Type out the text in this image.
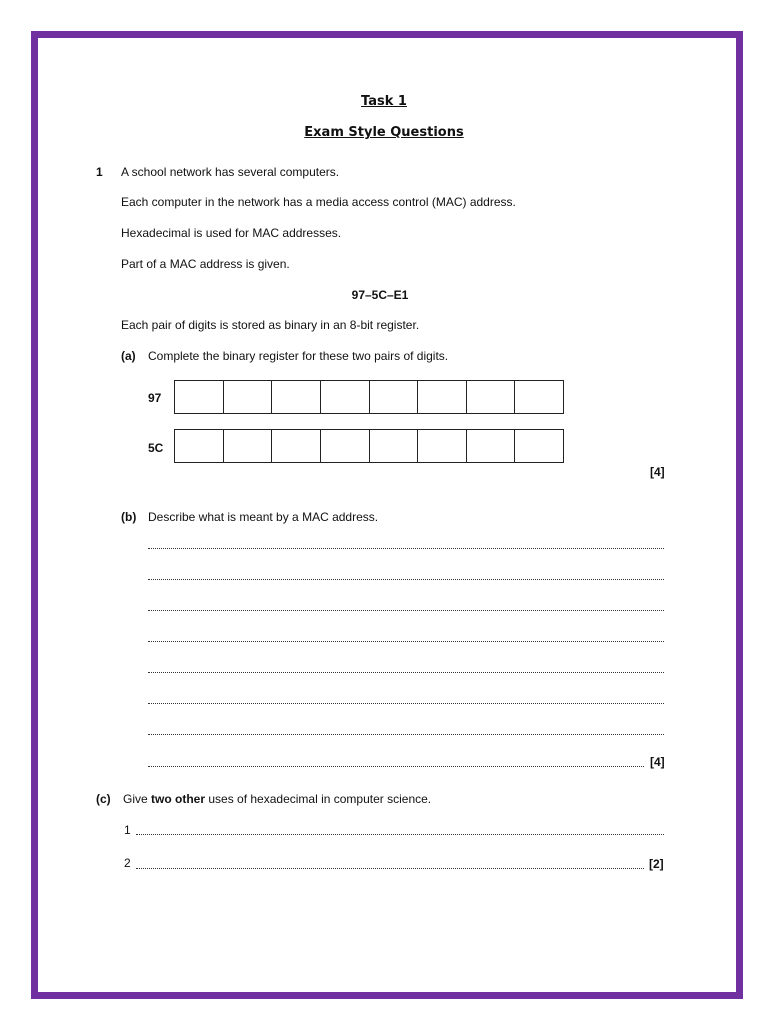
Task 1
Exam Style Questions
1 A school network has several computers.
Each computer in the network has a media access control (MAC) address.
Hexadecimal is used for MAC addresses.
Part of a MAC address is given.
97–5C–E1
Each pair of digits is stored as binary in an 8-bit register.
(a) Complete the binary register for these two pairs of digits.
97
5C
[4]
(b) Describe what is meant by a MAC address.
[4]
(c) Give two other uses of hexadecimal in computer science.
1
2	[2]
